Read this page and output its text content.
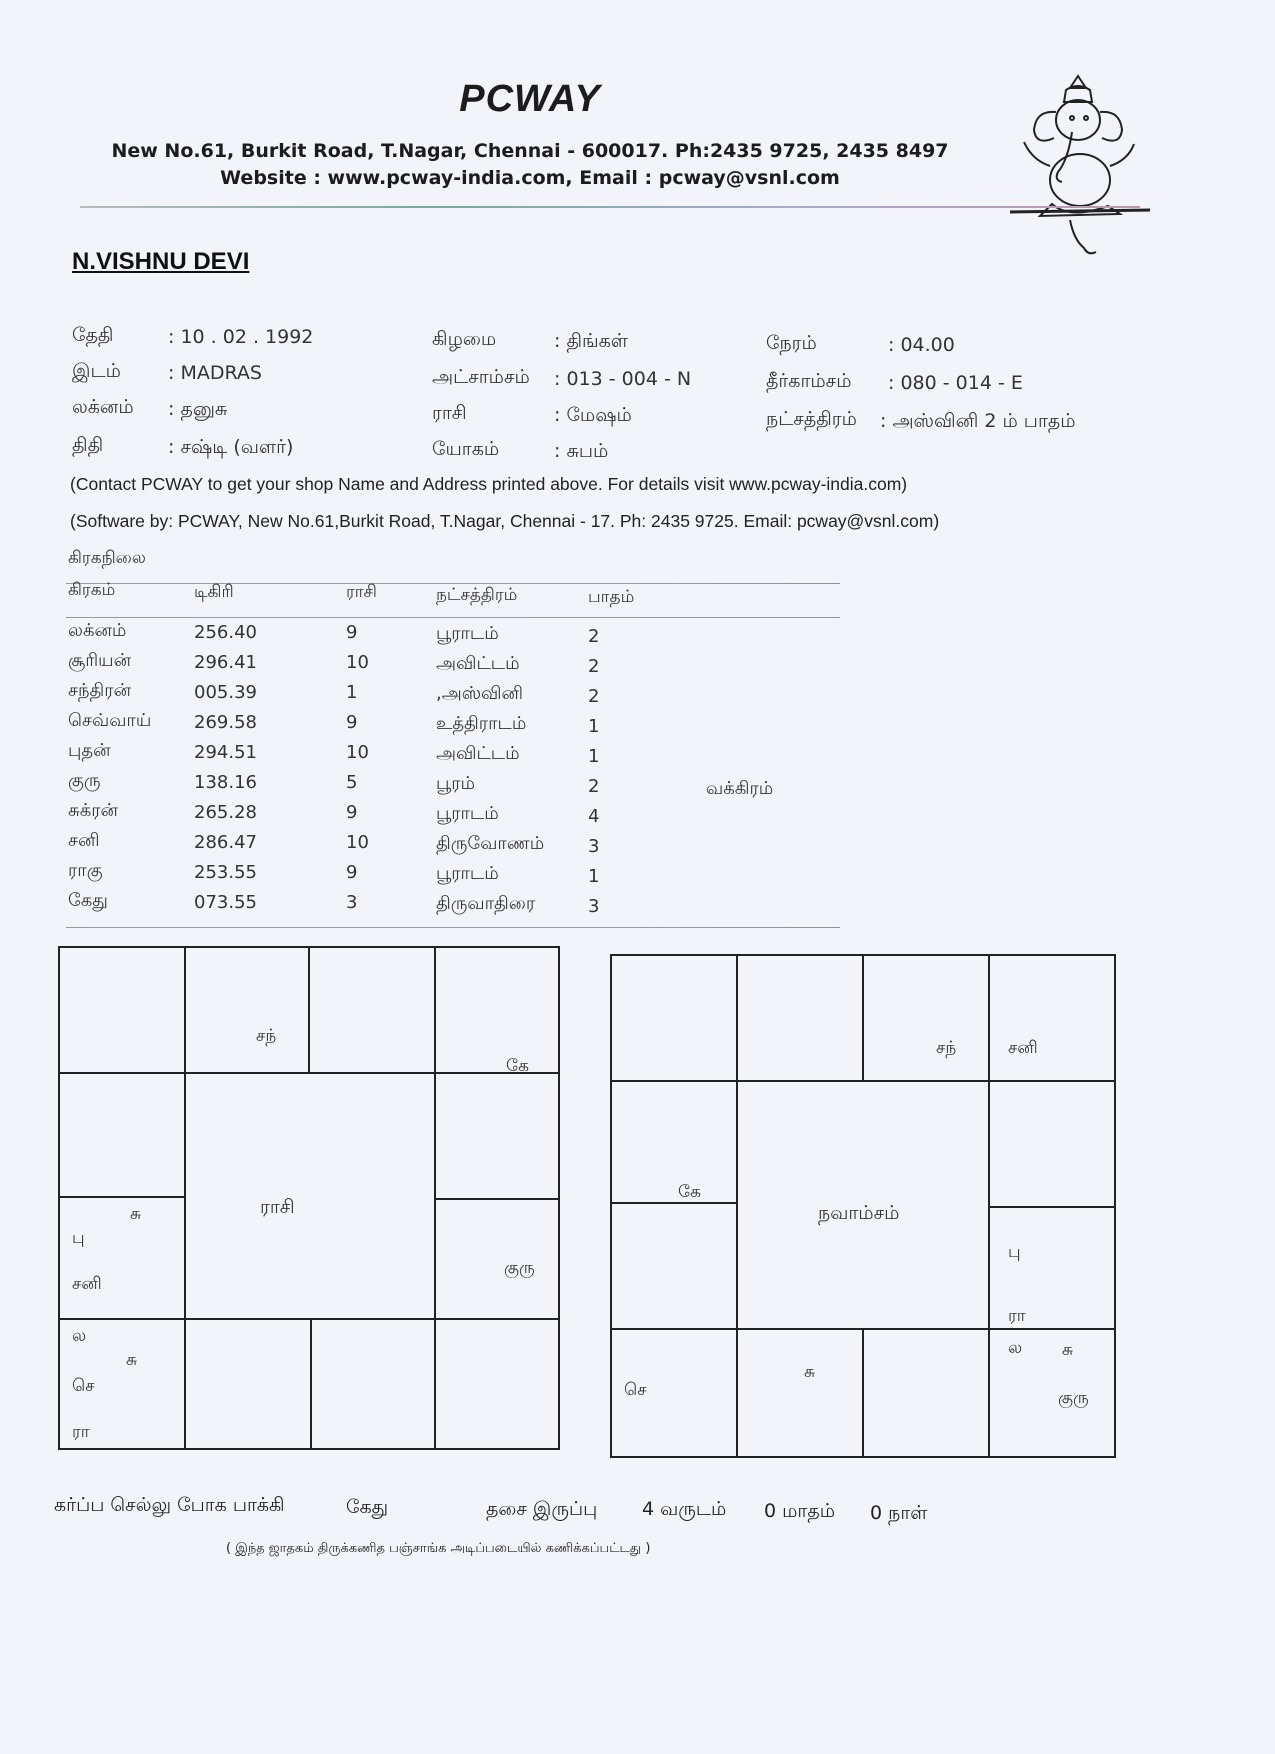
PCWAY
New No.61, Burkit Road, T.Nagar, Chennai - 600017. Ph:2435 9725, 2435 8497
Website : www.pcway-india.com, Email : pcway@vsnl.com
N.VISHNU DEVI
தேதி	: 10 . 02 . 1992
இடம் : MADRAS
லக்னம் : தனுசு
திதி	: சஷ்டி (வளர்)
கிழமை	: திங்கள்
அட்சாம்சம் : 013 - 004 - N
ராசி	: மேஷம்
யோகம்	: சுபம்
நேரம்	: 04.00
தீர்காம்சம் : 080 - 014 - E
நட்சத்திரம் : அஸ்வினி 2 ம் பாதம்
(Contact PCWAY to get your shop Name and Address printed above. For details visit www.pcway-india.com)
(Software by: PCWAY, New No.61,Burkit Road, T.Nagar, Chennai - 17. Ph: 2435 9725. Email: pcway@vsnl.com)
கிரகநிலை
கிரகம்	டிகிரி	ராசி	நட்சத்திரம்	பாதம்
லக்னம்	256.40	9	பூராடம்	2
சூரியன்	296.41	10	அவிட்டம்	2
சந்திரன்	005.39	1	,அஸ்வினி	2
செவ்வாய் 269.58	9	உத்திராடம்	1
புதன்	294.51	10	அவிட்டம்	1
குரு	138.16	5	பூரம்	2	வக்கிரம்
சுக்ரன்	265.28	9	பூராடம்	4
சனி	286.47	10	திருவோணம் 3
ராகு	253.55	9	பூராடம்	1
கேது	073.55	3	திருவாதிரை	3
சந்
கே
சு
பு
சனி
குரு
ல
சு
செ
ரா
ராசி
சந்	சனி
கே
பு
ரா
ல சு
குரு
செ
சு
நவாம்சம்
கர்ப்ப செல்லு போக பாக்கி	கேது	தசை இருப்பு 4 வருடம் 0 மாதம் 0 நாள்
( இந்த ஜாதகம் திருக்கணித பஞ்சாங்க அடிப்படையில் கணிக்கப்பட்டது )
